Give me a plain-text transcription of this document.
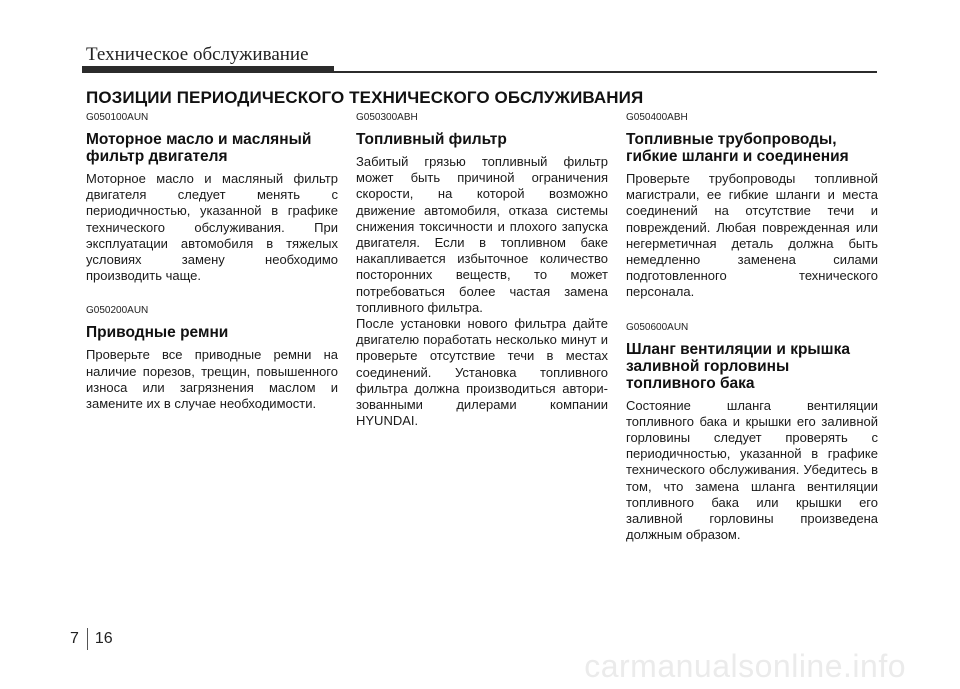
Техническое обслуживание
ПОЗИЦИИ ПЕРИОДИЧЕСКОГО ТЕХНИЧЕСКОГО ОБСЛУЖИВАНИЯ

G050100AUN

Моторное масло и масляный фильтр двигателя

Моторное масло и масляный фильтр двигателя следует менять с периодичностью, указанной в графике технического обслуживания. При эксплуатации автомобиля в тяжелых условиях замену необходимо производить чаще.

G050200AUN

Приводные ремни

Проверьте все приводные ремни на наличие порезов, трещин, повышенного износа или загрязнения маслом и замените их в случае необходимости.

G050300ABH

Топливный фильтр

Забитый грязью топливный фильтр может быть причиной ограничения скорости, на которой возможно движение автомобиля, отказа системы снижения токсичности и плохого запуска двигателя. Если в топливном баке накапливается избыточное количество посторонних веществ, то может потребоваться более частая замена топливного фильтра.

После установки нового фильтра дайте двигателю поработать несколько минут и проверьте отсутствие течи в местах соединений. Установка топливного фильтра должна производиться автори-зованными дилерами компании HYUNDAI.

G050400ABH

Топливные трубопроводы, гибкие шланги и соединения

Проверьте трубопроводы топливной магистрали, ее гибкие шланги и места соединений на отсутствие течи и повреждений. Любая поврежденная или негерметичная деталь должна быть немедленно заменена силами подготовленного технического персонала.

G050600AUN

Шланг вентиляции и крышка заливной горловины топливного бака

Состояние шланга вентиляции топливного бака и крышки его заливной горловины следует проверять с периодичностью, указанной в графике технического обслуживания. Убедитесь в том, что замена шланга вентиляции топливного бака или крышки его заливной горловины произведена должным образом.

7 16
carmanualsonline.info
